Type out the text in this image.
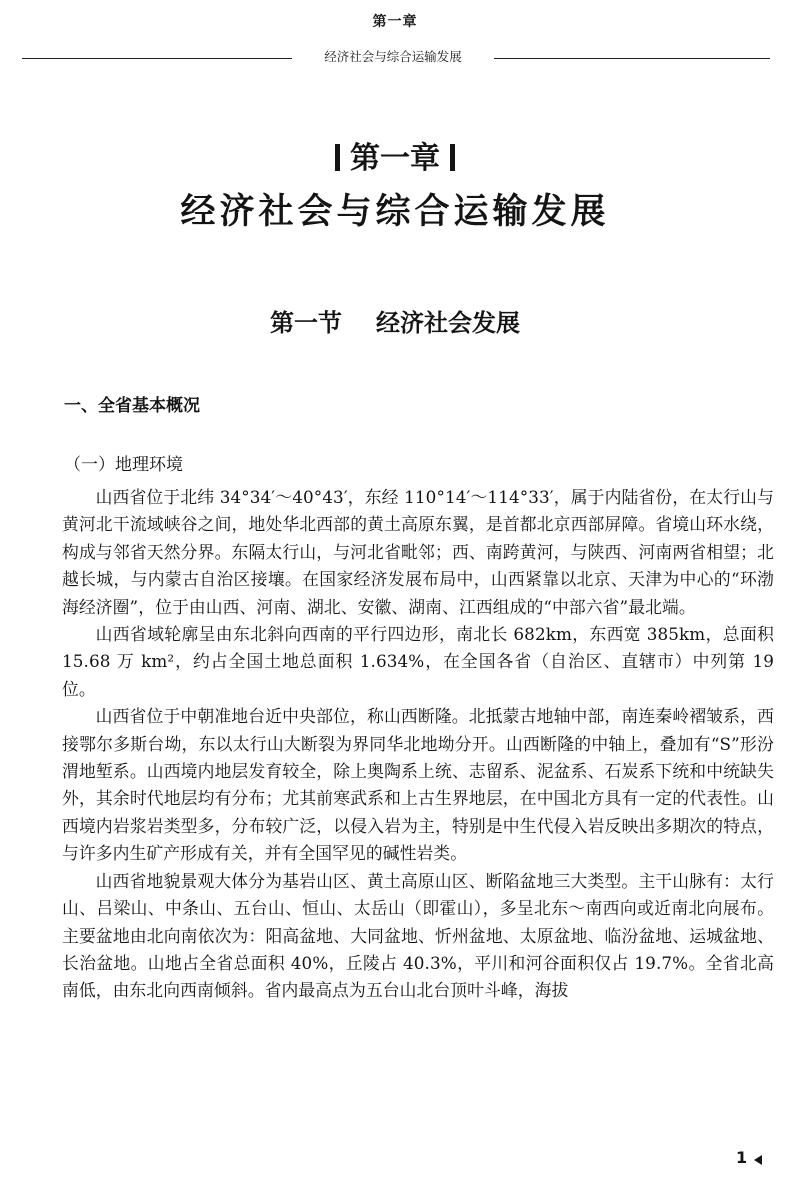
第一章
经济社会与综合运输发展
第一章
经济社会与综合运输发展
第一节 经济社会发展
一、全省基本概况
（一）地理环境

山西省位于北纬 34°34′～40°43′，东经 110°14′～114°33′，属于内陆省份，在太行山与黄河北干流域峡谷之间，地处华北西部的黄土高原东翼，是首都北京西部屏障。省境山环水绕，构成与邻省天然分界。东隔太行山，与河北省毗邻；西、南跨黄河，与陕西、河南两省相望；北越长城，与内蒙古自治区接壤。在国家经济发展布局中，山西紧靠以北京、天津为中心的“环渤海经济圈”，位于由山西、河南、湖北、安徽、湖南、江西组成的“中部六省”最北端。

山西省域轮廓呈由东北斜向西南的平行四边形，南北长 682km，东西宽 385km，总面积 15.68 万 km²，约占全国土地总面积 1.634%，在全国各省（自治区、直辖市）中列第 19 位。

山西省位于中朝准地台近中央部位，称山西断隆。北抵蒙古地轴中部，南连秦岭褶皱系，西接鄂尔多斯台坳，东以太行山大断裂为界同华北地坳分开。山西断隆的中轴上，叠加有“S”形汾渭地堑系。山西境内地层发育较全，除上奥陶系上统、志留系、泥盆系、石炭系下统和中统缺失外，其余时代地层均有分布；尤其前寒武系和上古生界地层，在中国北方具有一定的代表性。山西境内岩浆岩类型多，分布较广泛，以侵入岩为主，特别是中生代侵入岩反映出多期次的特点，与许多内生矿产形成有关，并有全国罕见的碱性岩类。

山西省地貌景观大体分为基岩山区、黄土高原山区、断陷盆地三大类型。主干山脉有：太行山、吕梁山、中条山、五台山、恒山、太岳山（即霍山），多呈北东～南西向或近南北向展布。主要盆地由北向南依次为：阳高盆地、大同盆地、忻州盆地、太原盆地、临汾盆地、运城盆地、长治盆地。山地占全省总面积 40%，丘陵占 40.3%，平川和河谷面积仅占 19.7%。全省北高南低，由东北向西南倾斜。省内最高点为五台山北台顶叶斗峰，海拔

1
